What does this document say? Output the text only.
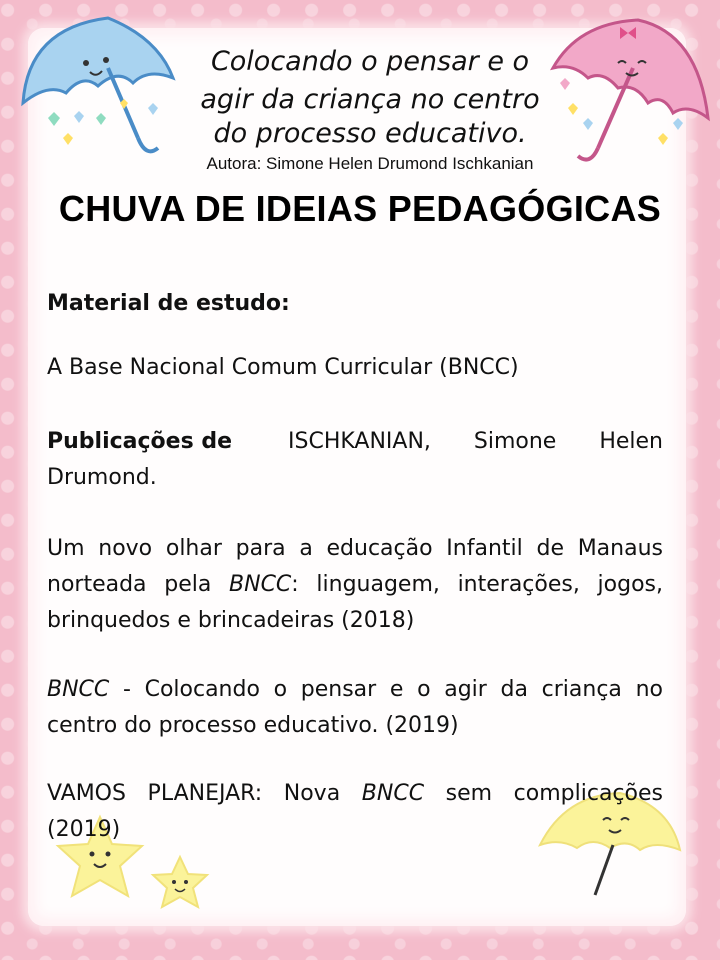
Colocando o pensar e o
agir da criança no centro
do processo educativo.
Autora: Simone Helen Drumond Ischkanian
CHUVA DE IDEIAS PEDAGÓGICAS
Material de estudo:
A Base Nacional Comum Curricular (BNCC)
Publicações de	ISCHKANIAN, Simone Helen
Drumond.
Um novo olhar para a educação Infantil de Manaus norteada pela BNCC: linguagem, interações, jogos, brinquedos e brincadeiras (2018)
BNCC - Colocando o pensar e o agir da criança no centro do processo educativo. (2019)
VAMOS PLANEJAR: Nova BNCC sem complicações (2019)
